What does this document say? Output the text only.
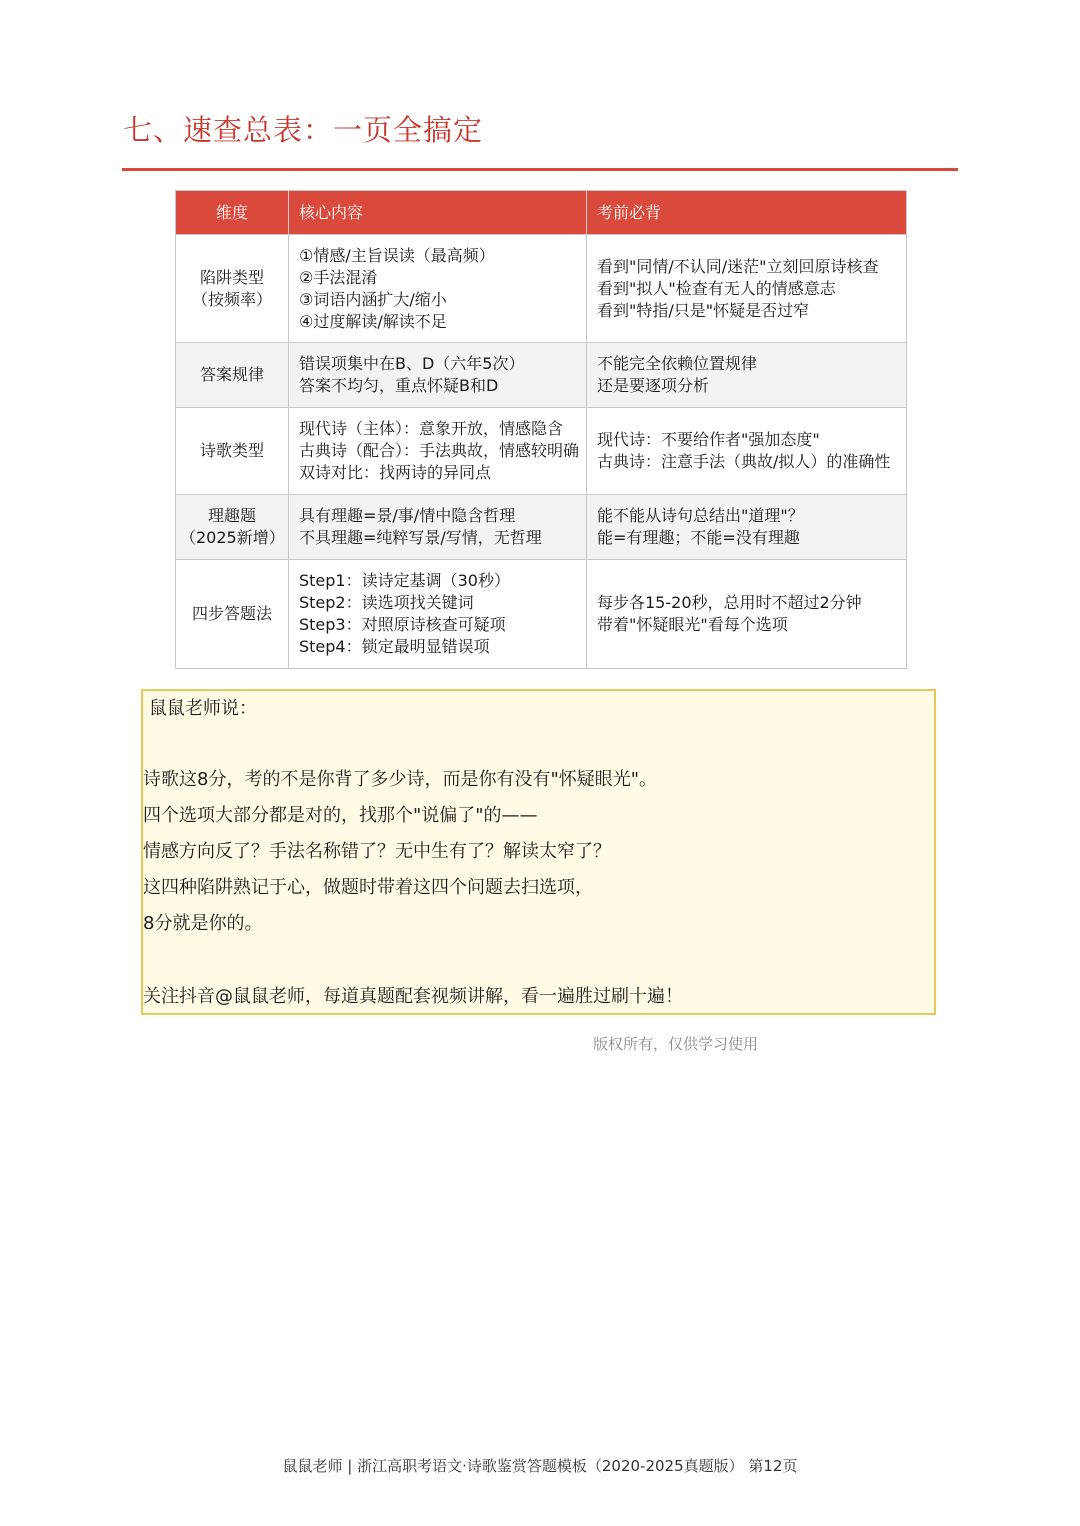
七、速查总表：一页全搞定
维度	核心内容	考前必背

陷阱类型
（按频率）	①情感/主旨误读（最高频）
②手法混淆
③词语内涵扩大/缩小
④过度解读/解读不足	看到"同情/不认同/迷茫"立刻回原诗核查
看到"拟人"检查有无人的情感意志
看到"特指/只是"怀疑是否过窄

答案规律	错误项集中在B、D（六年5次）
答案不均匀，重点怀疑B和D	不能完全依赖位置规律
还是要逐项分析

诗歌类型	现代诗（主体）：意象开放，情感隐含
古典诗（配合）：手法典故，情感较明确
双诗对比：找两诗的异同点	现代诗：不要给作者"强加态度"
古典诗：注意手法（典故/拟人）的准确性

理趣题
（2025新增）	具有理趣=景/事/情中隐含哲理
不具理趣=纯粹写景/写情，无哲理	能不能从诗句总结出"道理"？
能=有理趣；不能=没有理趣

四步答题法	Step1：读诗定基调（30秒）
Step2：读选项找关键词
Step3：对照原诗核查可疑项
Step4：锁定最明显错误项	每步各15-20秒，总用时不超过2分钟
带着"怀疑眼光"看每个选项
鼠鼠老师说：
诗歌这8分，考的不是你背了多少诗，而是你有没有"怀疑眼光"。
四个选项大部分都是对的，找那个"说偏了"的——
情感方向反了？手法名称错了？无中生有了？解读太窄了？
这四种陷阱熟记于心，做题时带着这四个问题去扫选项，
8分就是你的。
关注抖音@鼠鼠老师，每道真题配套视频讲解，看一遍胜过刷十遍！
版权所有，仅供学习使用
鼠鼠老师 | 浙江高职考语文·诗歌鉴赏答题模板（2020-2025真题版） 第12页
